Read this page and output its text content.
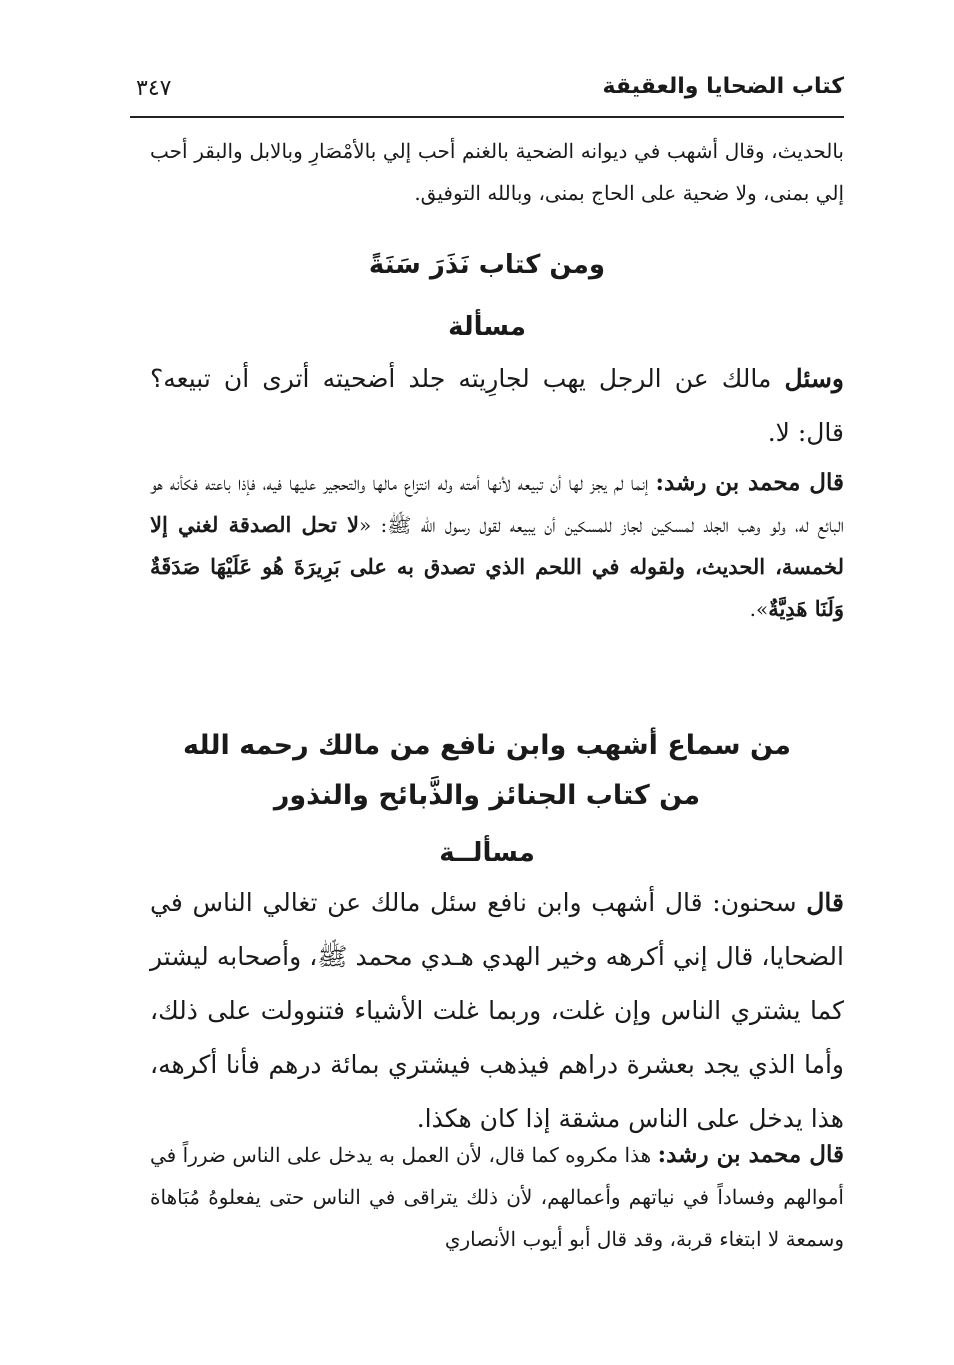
كتاب الضحايا والعقيقة
٣٤٧

بالحديث، وقال أشهب في ديوانه الضحية بالغنم أحب إلي بالأمْصَارِ وبالابل والبقر أحب إلي بمنى، ولا ضحية على الحاج بمنى، وبالله التوفيق.

ومن كتاب نَذَرَ سَنَةً
مسألة

وسئل مالك عن الرجل يهب لجارِيته جلد أضحيته أترى أن تبيعه؟ قال: لا.

قال محمد بن رشد: إنما لم يجز لها أن تبيعه لأنها أمته وله انتزاع مالها والتحجير عليها فيه، فإذا باعته فكأنه هو البائع له، ولو وهب الجلد لمسكين لجاز للمسكين أن يبيعه لقول رسول الله ﷺ: «لا تحل الصدقة لغني إلا لخمسة، الحديث، ولقوله في اللحم الذي تصدق به على بَرِيرَةَ هُو عَلَيْهَا صَدَقَةٌ وَلَنَا هَدِيَّةٌ».

من سماع أشهب وابن نافع من مالك رحمه الله
من كتاب الجنائز والذَّبائح والنذور
مسألــة

قال سحنون: قال أشهب وابن نافع سئل مالك عن تغالي الناس في الضحايا، قال إني أكرهه وخير الهدي هـدي محمد ﷺ، وأصحابه ليشتر كما يشتري الناس وإن غلت، وربما غلت الأشياء فتنوولت على ذلك، وأما الذي يجد بعشرة دراهم فيذهب فيشتري بمائة درهم فأنا أكرهه، هذا يدخل على الناس مشقة إذا كان هكذا.

قال محمد بن رشد: هذا مكروه كما قال، لأن العمل به يدخل على الناس ضرراً في أموالهم وفساداً في نياتهم وأعمالهم، لأن ذلك يتراقى في الناس حتى يفعلوهُ مُبَاهاة وسمعة لا ابتغاء قربة، وقد قال أبو أيوب الأنصاري
